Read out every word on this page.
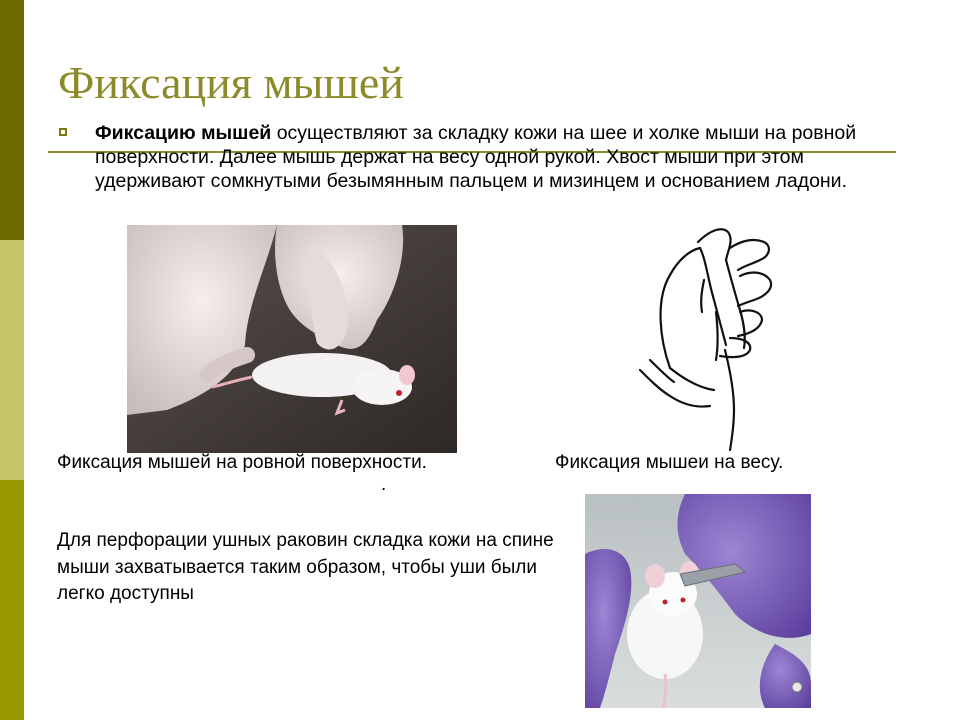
Фиксация мышей

Фиксацию мышей осуществляют за складку кожи на шее и холке мыши на ровной поверхности. Далее мышь держат на весу одной рукой. Хвост мыши при этом удерживают сомкнутыми безымянным пальцем и мизинцем и основанием ладони.

Фиксация мышей на ровной поверхности.	Фиксация мышеи на весу.
.

Для перфорации ушных раковин складка кожи на спине мыши захватывается таким образом, чтобы уши были легко доступны
